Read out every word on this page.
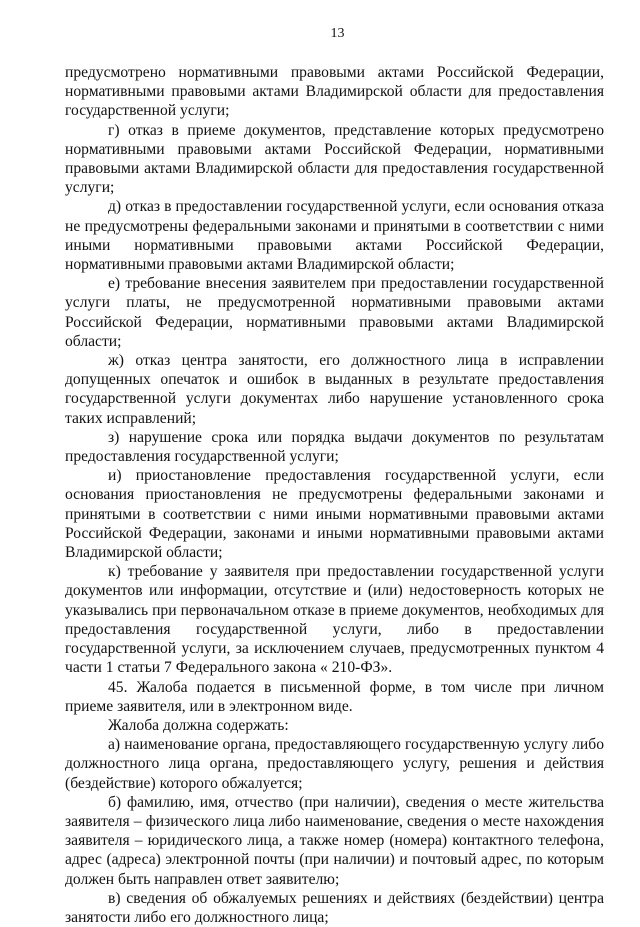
13

предусмотрено нормативными правовыми актами Российской Федерации, нормативными правовыми актами Владимирской области для предоставления государственной услуги;

г) отказ в приеме документов, представление которых предусмотрено нормативными правовыми актами Российской Федерации, нормативными правовыми актами Владимирской области для предоставления государственной услуги;

д) отказ в предоставлении государственной услуги, если основания отказа не предусмотрены федеральными законами и принятыми в соответствии с ними иными нормативными правовыми актами Российской Федерации, нормативными правовыми актами Владимирской области;

е) требование внесения заявителем при предоставлении государственной услуги платы, не предусмотренной нормативными правовыми актами Российской Федерации, нормативными правовыми актами Владимирской области;

ж) отказ центра занятости, его должностного лица в исправлении допущенных опечаток и ошибок в выданных в результате предоставления государственной услуги документах либо нарушение установленного срока таких исправлений;

з) нарушение срока или порядка выдачи документов по результатам предоставления государственной услуги;

и) приостановление предоставления государственной услуги, если основания приостановления не предусмотрены федеральными законами и принятыми в соответствии с ними иными нормативными правовыми актами Российской Федерации, законами и иными нормативными правовыми актами Владимирской области;

к) требование у заявителя при предоставлении государственной услуги документов или информации, отсутствие и (или) недостоверность которых не указывались при первоначальном отказе в приеме документов, необходимых для предоставления государственной услуги, либо в предоставлении государственной услуги, за исключением случаев, предусмотренных пунктом 4 части 1 статьи 7 Федерального закона « 210-ФЗ».

45. Жалоба подается в письменной форме, в том числе при личном приеме заявителя, или в электронном виде.

Жалоба должна содержать:

а) наименование органа, предоставляющего государственную услугу либо должностного лица органа, предоставляющего услугу, решения и действия (бездействие) которого обжалуется;

б) фамилию, имя, отчество (при наличии), сведения о месте жительства заявителя – физического лица либо наименование, сведения о месте нахождения заявителя – юридического лица, а также номер (номера) контактного телефона, адрес (адреса) электронной почты (при наличии) и почтовый адрес, по которым должен быть направлен ответ заявителю;

в) сведения об обжалуемых решениях и действиях (бездействии) центра занятости либо его должностного лица;
